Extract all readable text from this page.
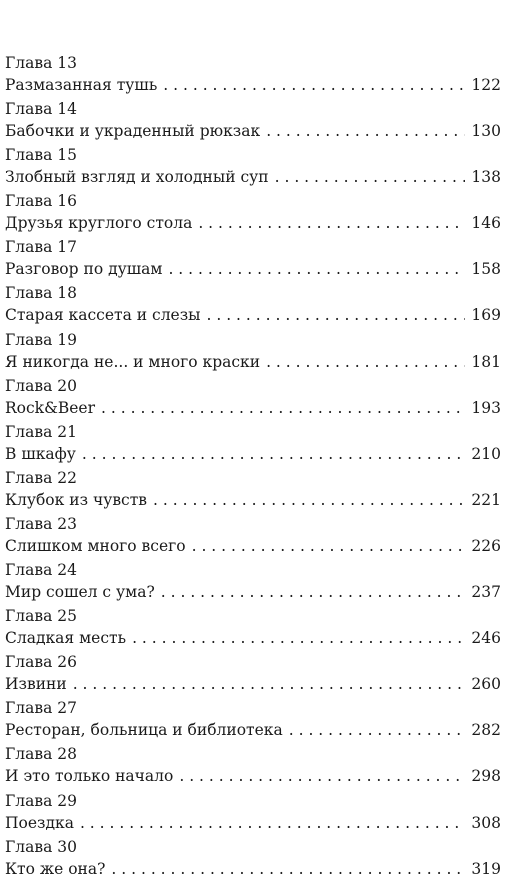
Глава 13
Размазанная тушь . . .	122
Глава 14
Бабочки и украденный рюкзак . . .	130
Глава 15
Злобный взгляд и холодный суп . . .	138
Глава 16
Друзья круглого стола . . .	146
Глава 17
Разговор по душам . . .	158
Глава 18
Старая кассета и слезы . . .	169
Глава 19
Я никогда не... и много краски . . .	181
Глава 20
Rock&Beer . . .	193
Глава 21
В шкафу . . .	210
Глава 22
Клубок из чувств . . .	221
Глава 23
Слишком много всего . . .	226
Глава 24
Мир сошел с ума? . . .	237
Глава 25
Сладкая месть . . .	246
Глава 26
Извини . . .	260
Глава 27
Ресторан, больница и библиотека . . .	282
Глава 28
И это только начало . . .	298
Глава 29
Поездка . . .	308
Глава 30
Кто же она? . . .	319
